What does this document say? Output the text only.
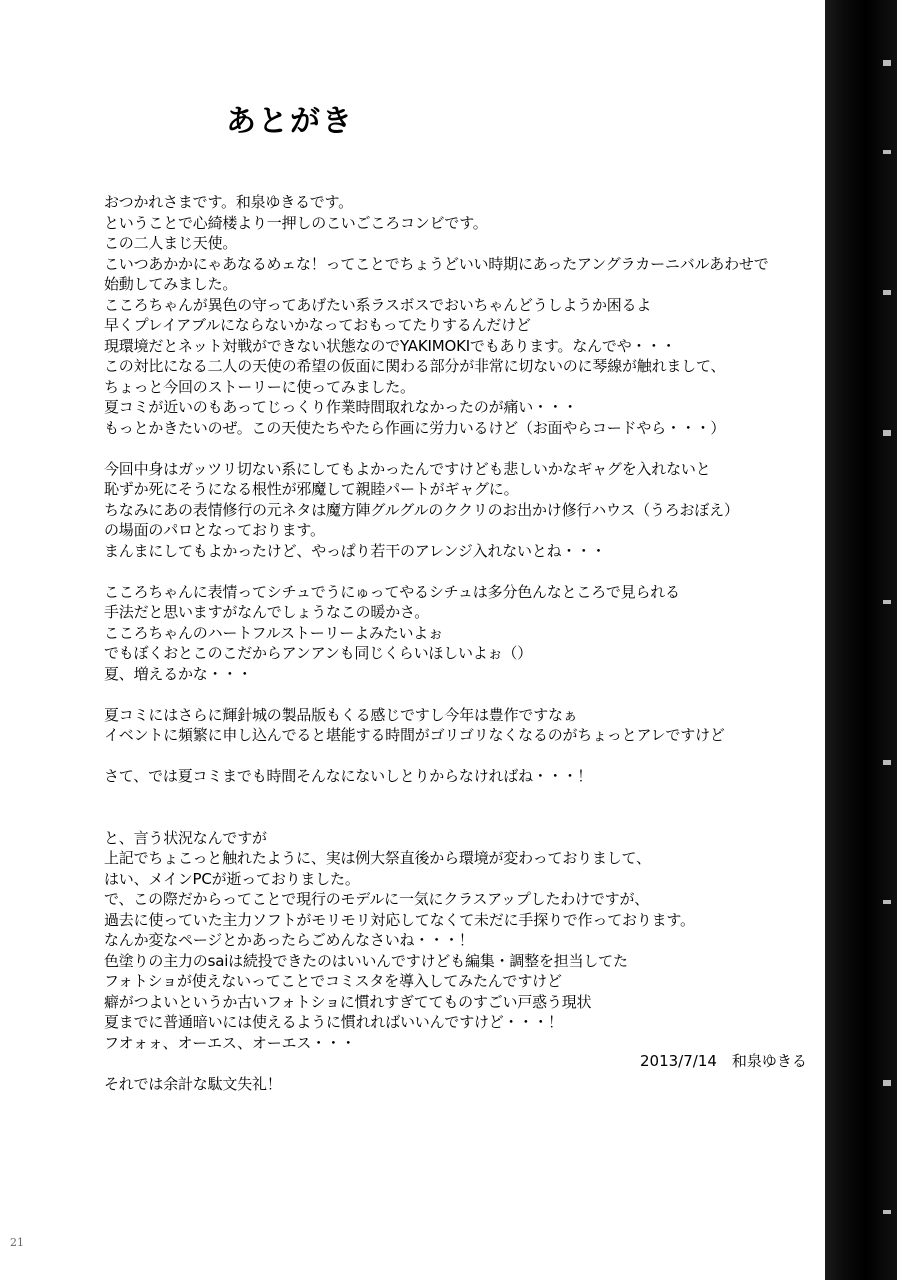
あとがき
おつかれさまです。和泉ゆきるです。
ということで心綺楼より一押しのこいごころコンビです。
この二人まじ天使。
こいつあかかにゃあなるめェな！ってことでちょうどいい時期にあったアングラカーニバルあわせで
始動してみました。
こころちゃんが異色の守ってあげたい系ラスボスでおいちゃんどうしようか困るよ
早くプレイアブルにならないかなっておもってたりするんだけど
現環境だとネット対戦ができない状態なのでYAKIMOKIでもあります。なんでや・・・
この対比になる二人の天使の希望の仮面に関わる部分が非常に切ないのに琴線が触れまして、
ちょっと今回のストーリーに使ってみました。
夏コミが近いのもあってじっくり作業時間取れなかったのが痛い・・・
もっとかきたいのぜ。この天使たちやたら作画に労力いるけど（お面やらコードやら・・・）
今回中身はガッツリ切ない系にしてもよかったんですけども悲しいかなギャグを入れないと
恥ずか死にそうになる根性が邪魔して親睦パートがギャグに。
ちなみにあの表情修行の元ネタは魔方陣グルグルのククリのお出かけ修行ハウス（うろおぼえ）
の場面のパロとなっております。
まんまにしてもよかったけど、やっぱり若干のアレンジ入れないとね・・・
こころちゃんに表情ってシチュでうにゅってやるシチュは多分色んなところで見られる
手法だと思いますがなんでしょうなこの暖かさ。
こころちゃんのハートフルストーリーよみたいよぉ
でもぼくおとこのこだからアンアンも同じくらいほしいよぉ（）
夏、増えるかな・・・
夏コミにはさらに輝針城の製品版もくる感じですし今年は豊作ですなぁ
イベントに頻繁に申し込んでると堪能する時間がゴリゴリなくなるのがちょっとアレですけど
さて、では夏コミまでも時間そんなにないしとりからなければね・・・！
と、言う状況なんですが
上記でちょこっと触れたように、実は例大祭直後から環境が変わっておりまして、
はい、メインPCが逝っておりました。
で、この際だからってことで現行のモデルに一気にクラスアップしたわけですが、
過去に使っていた主力ソフトがモリモリ対応してなくて未だに手探りで作っております。
なんか変なページとかあったらごめんなさいね・・・！
色塗りの主力のsaiは続投できたのはいいんですけども編集・調整を担当してた
フォトショが使えないってことでコミスタを導入してみたんですけど
癖がつよいというか古いフォトショに慣れすぎててものすごい戸惑う現状
夏までに普通暗いには使えるように慣れればいいんですけど・・・！
フオォォ、オーエス、オーエス・・・
それでは余計な駄文失礼！
2013/7/14　和泉ゆきる
21
